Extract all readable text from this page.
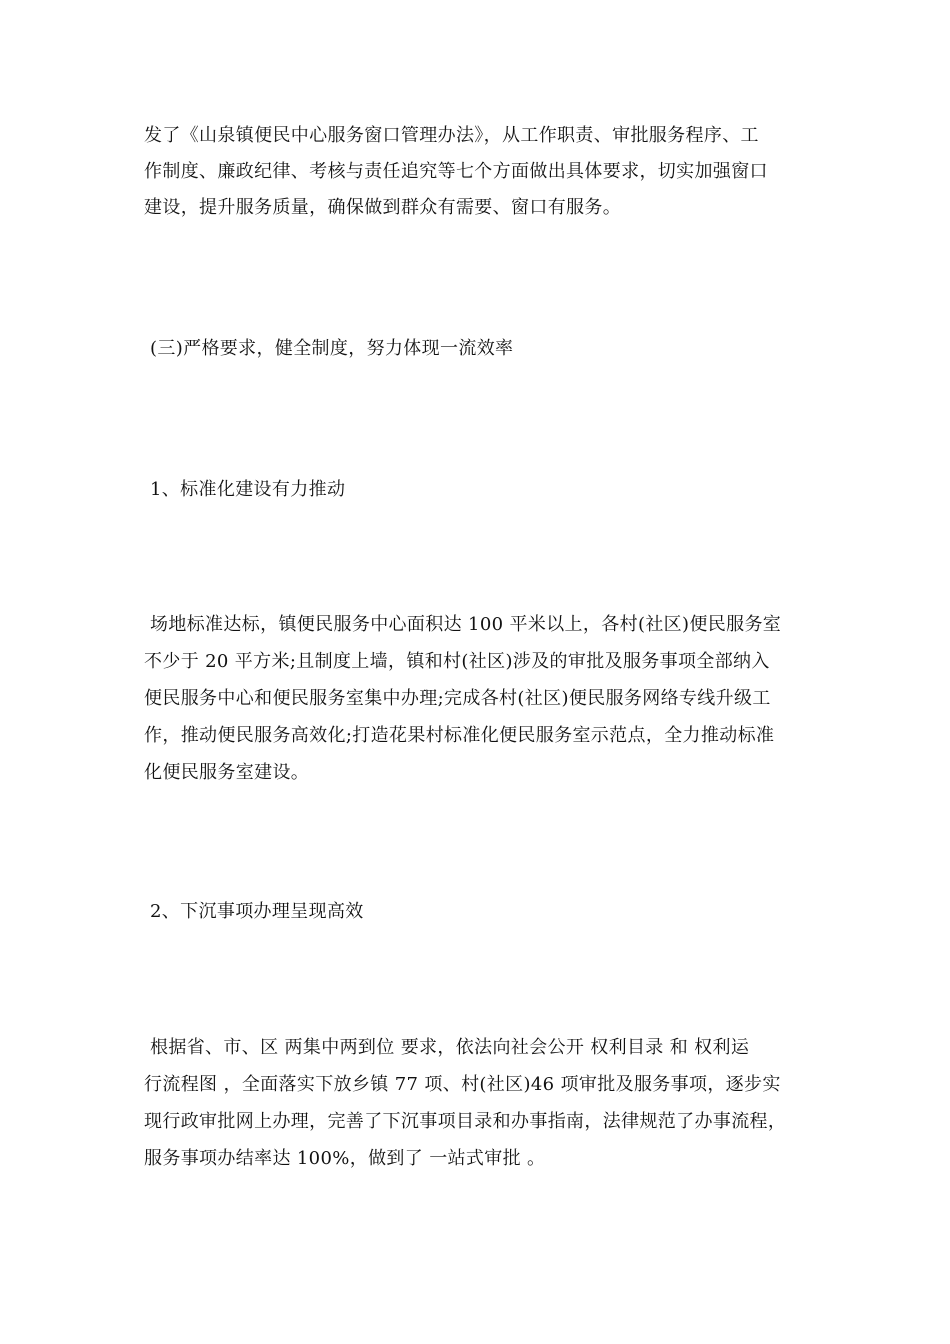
发了《山泉镇便民中心服务窗口管理办法》，从工作职责、审批服务程序、工
作制度、廉政纪律、考核与责任追究等七个方面做出具体要求，切实加强窗口
建设，提升服务质量，确保做到群众有需要、窗口有服务。
(三)严格要求，健全制度，努力体现一流效率
1、标准化建设有力推动
场地标准达标，镇便民服务中心面积达 100 平米以上，各村(社区)便民服务室
不少于 20 平方米;且制度上墙，镇和村(社区)涉及的审批及服务事项全部纳入
便民服务中心和便民服务室集中办理;完成各村(社区)便民服务网络专线升级工
作，推动便民服务高效化;打造花果村标准化便民服务室示范点，全力推动标准
化便民服务室建设。
2、下沉事项办理呈现高效
根据省、市、区 两集中两到位 要求，依法向社会公开 权利目录 和 权利运
行流程图 ，全面落实下放乡镇 77 项、村(社区)46 项审批及服务事项，逐步实
现行政审批网上办理，完善了下沉事项目录和办事指南，法律规范了办事流程，
服务事项办结率达 100%，做到了 一站式审批 。
